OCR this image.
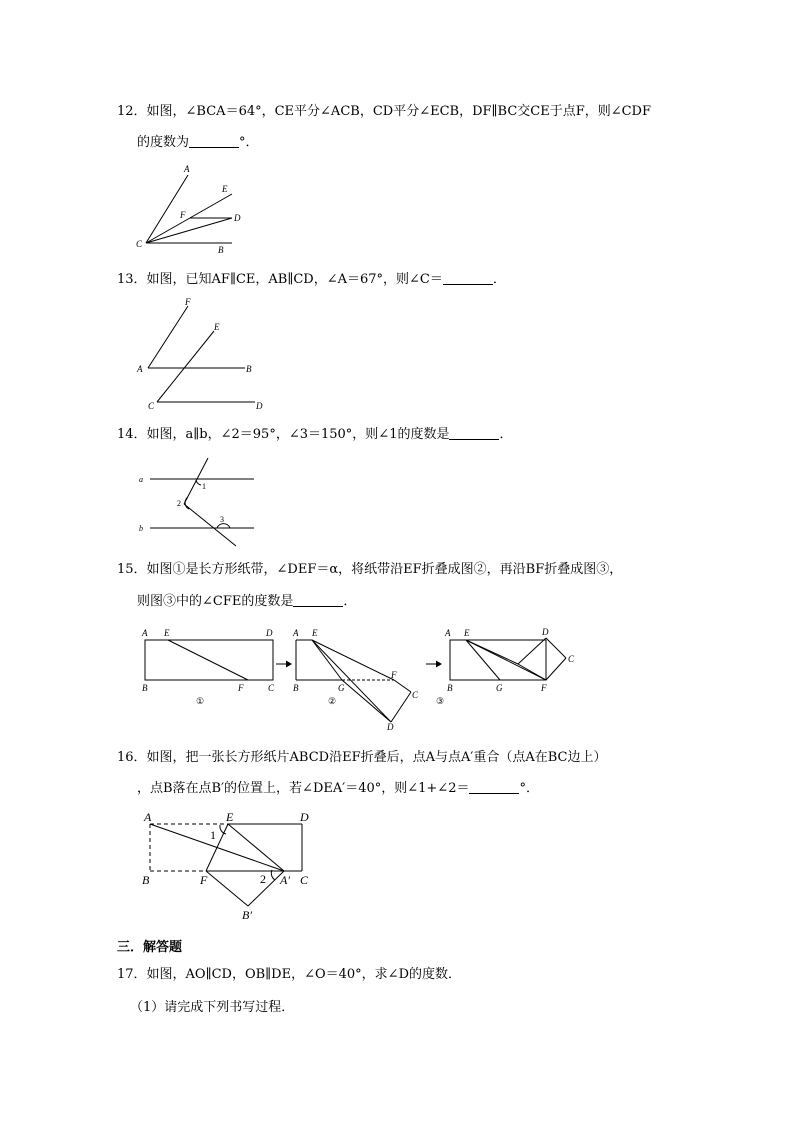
12．如图，∠BCA＝64°，CE平分∠ACB，CD平分∠ECB，DF∥BC交CE于点F，则∠CDF
的度数为	°．
A
E
F	D
C
B
13．如图，已知AF∥CE，AB∥CD，∠A＝67°，则∠C＝	．
F
E
A	B
C	D
14．如图，a∥b，∠2＝95°，∠3＝150°，则∠1的度数是	．
a
b
1
2
3
15．如图①是长方形纸带，∠DEF＝α，将纸带沿EF折叠成图②，再沿BF折叠成图③，
则图③中的∠CFE的度数是	．
A E	D
B	F	C
①
A E
B	G
F
C
D
②
A E
B	G	F
D
C
③
16．如图，把一张长方形纸片ABCD沿EF折叠后，点A与点A′重合（点A在BC边上）
，点B落在点B′的位置上，若∠DEA′＝40°，则∠1+∠2＝	°．
A	E	D
B	F	A′ C
B′
1
2
三．解答题
17．如图，AO∥CD，OB∥DE，∠O＝40°，求∠D的度数．
（1）请完成下列书写过程．
